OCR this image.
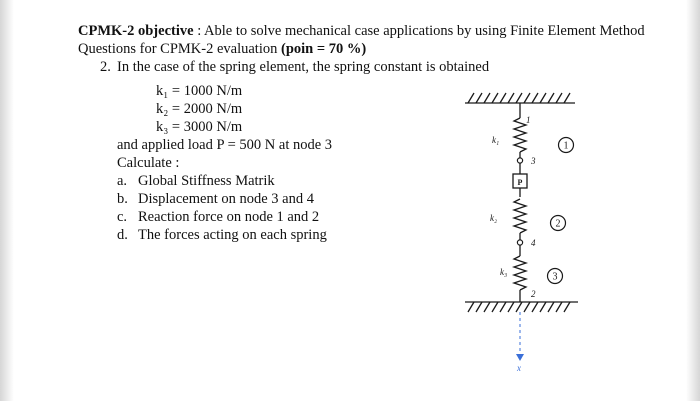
CPMK-2 objective : Able to solve mechanical case applications by using Finite Element Method
Questions for CPMK-2 evaluation (poin = 70 %)
2. In the case of the spring element, the spring constant is obtained
k₁ = 1000 N/m
k₂ = 2000 N/m
k₃ = 3000 N/m
and applied load P = 500 N at node 3
Calculate :
a. Global Stiffness Matrik
b. Displacement on node 3 and 4
c. Reaction force on node 1 and 2
d. The forces acting on each spring
1
2
3
k₁
k₂
k₃
1
3
4
2
x
P
